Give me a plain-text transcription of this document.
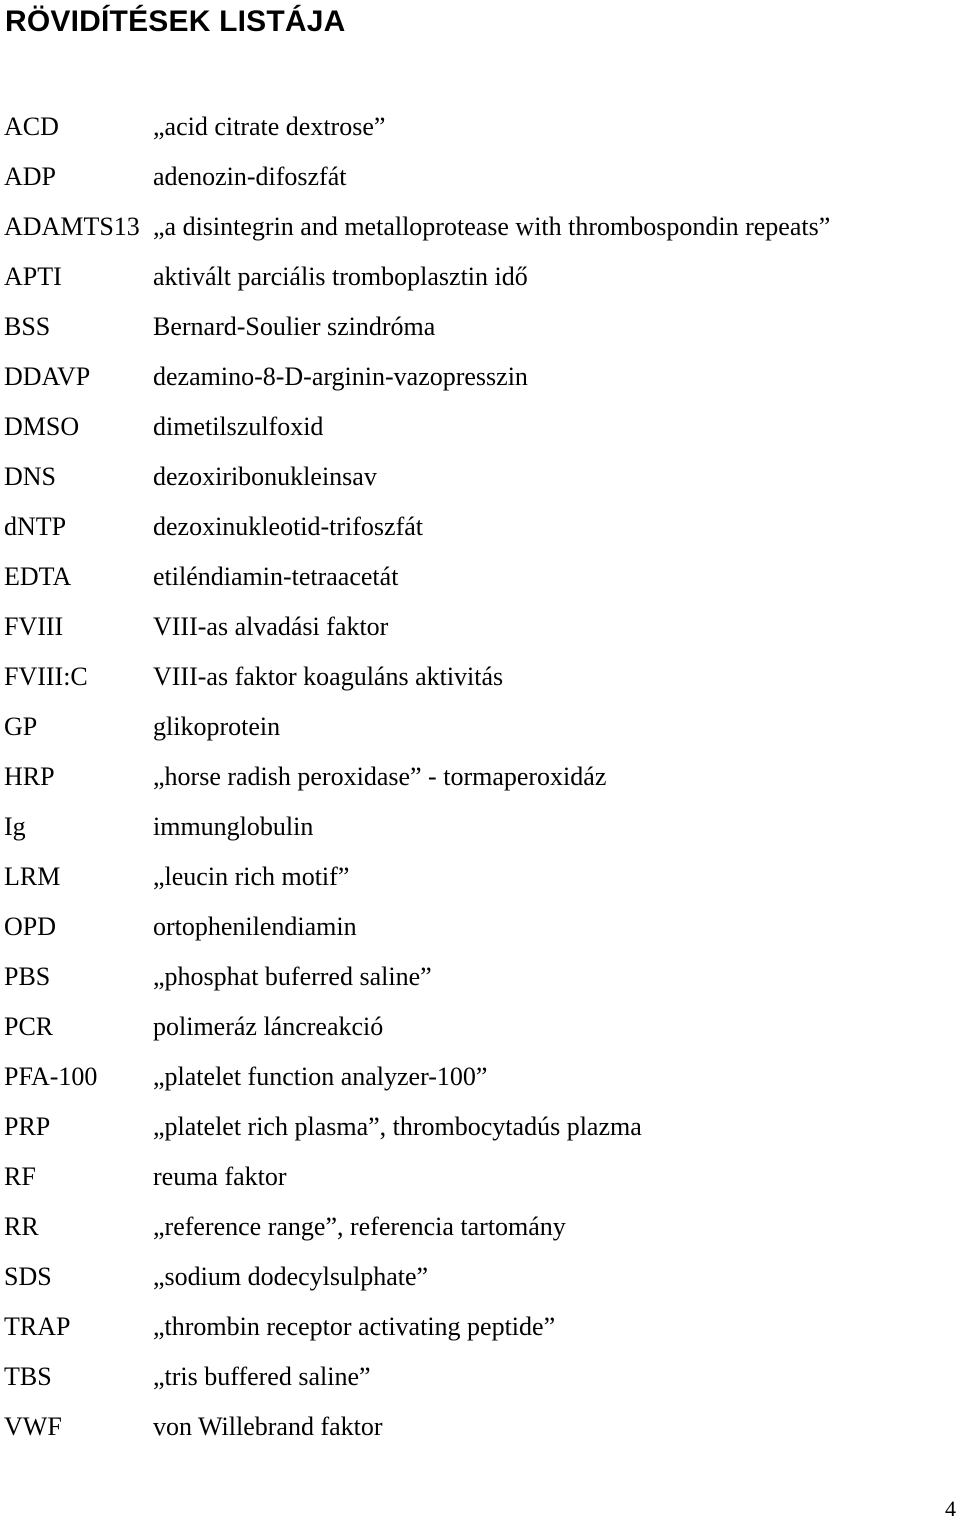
RÖVIDÍTÉSEK LISTÁJA
ACD	„acid citrate dextrose”
ADP	adenozin-difoszfát
ADAMTS13 „a disintegrin and metalloprotease with thrombospondin repeats”
APTI	aktivált parciális tromboplasztin idő
BSS	Bernard-Soulier szindróma
DDAVP dezamino-8-D-arginin-vazopresszin
DMSO	dimetilszulfoxid
DNS	dezoxiribonukleinsav
dNTP	dezoxinukleotid-trifoszfát
EDTA	etiléndiamin-tetraacetát
FVIII	VIII-as alvadási faktor
FVIII:C	VIII-as faktor koaguláns aktivitás
GP	glikoprotein
HRP	„horse radish peroxidase” - tormaperoxidáz
Ig	immunglobulin
LRM	„leucin rich motif”
OPD	ortophenilendiamin
PBS	„phosphat buferred saline”
PCR	polimeráz láncreakció
PFA-100 „platelet function analyzer-100”
PRP	„platelet rich plasma”, thrombocytadús plazma
RF	reuma faktor
RR	„reference range”, referencia tartomány
SDS	„sodium dodecylsulphate”
TRAP	„thrombin receptor activating peptide”
TBS	„tris buffered saline”
VWF	von Willebrand faktor
4
